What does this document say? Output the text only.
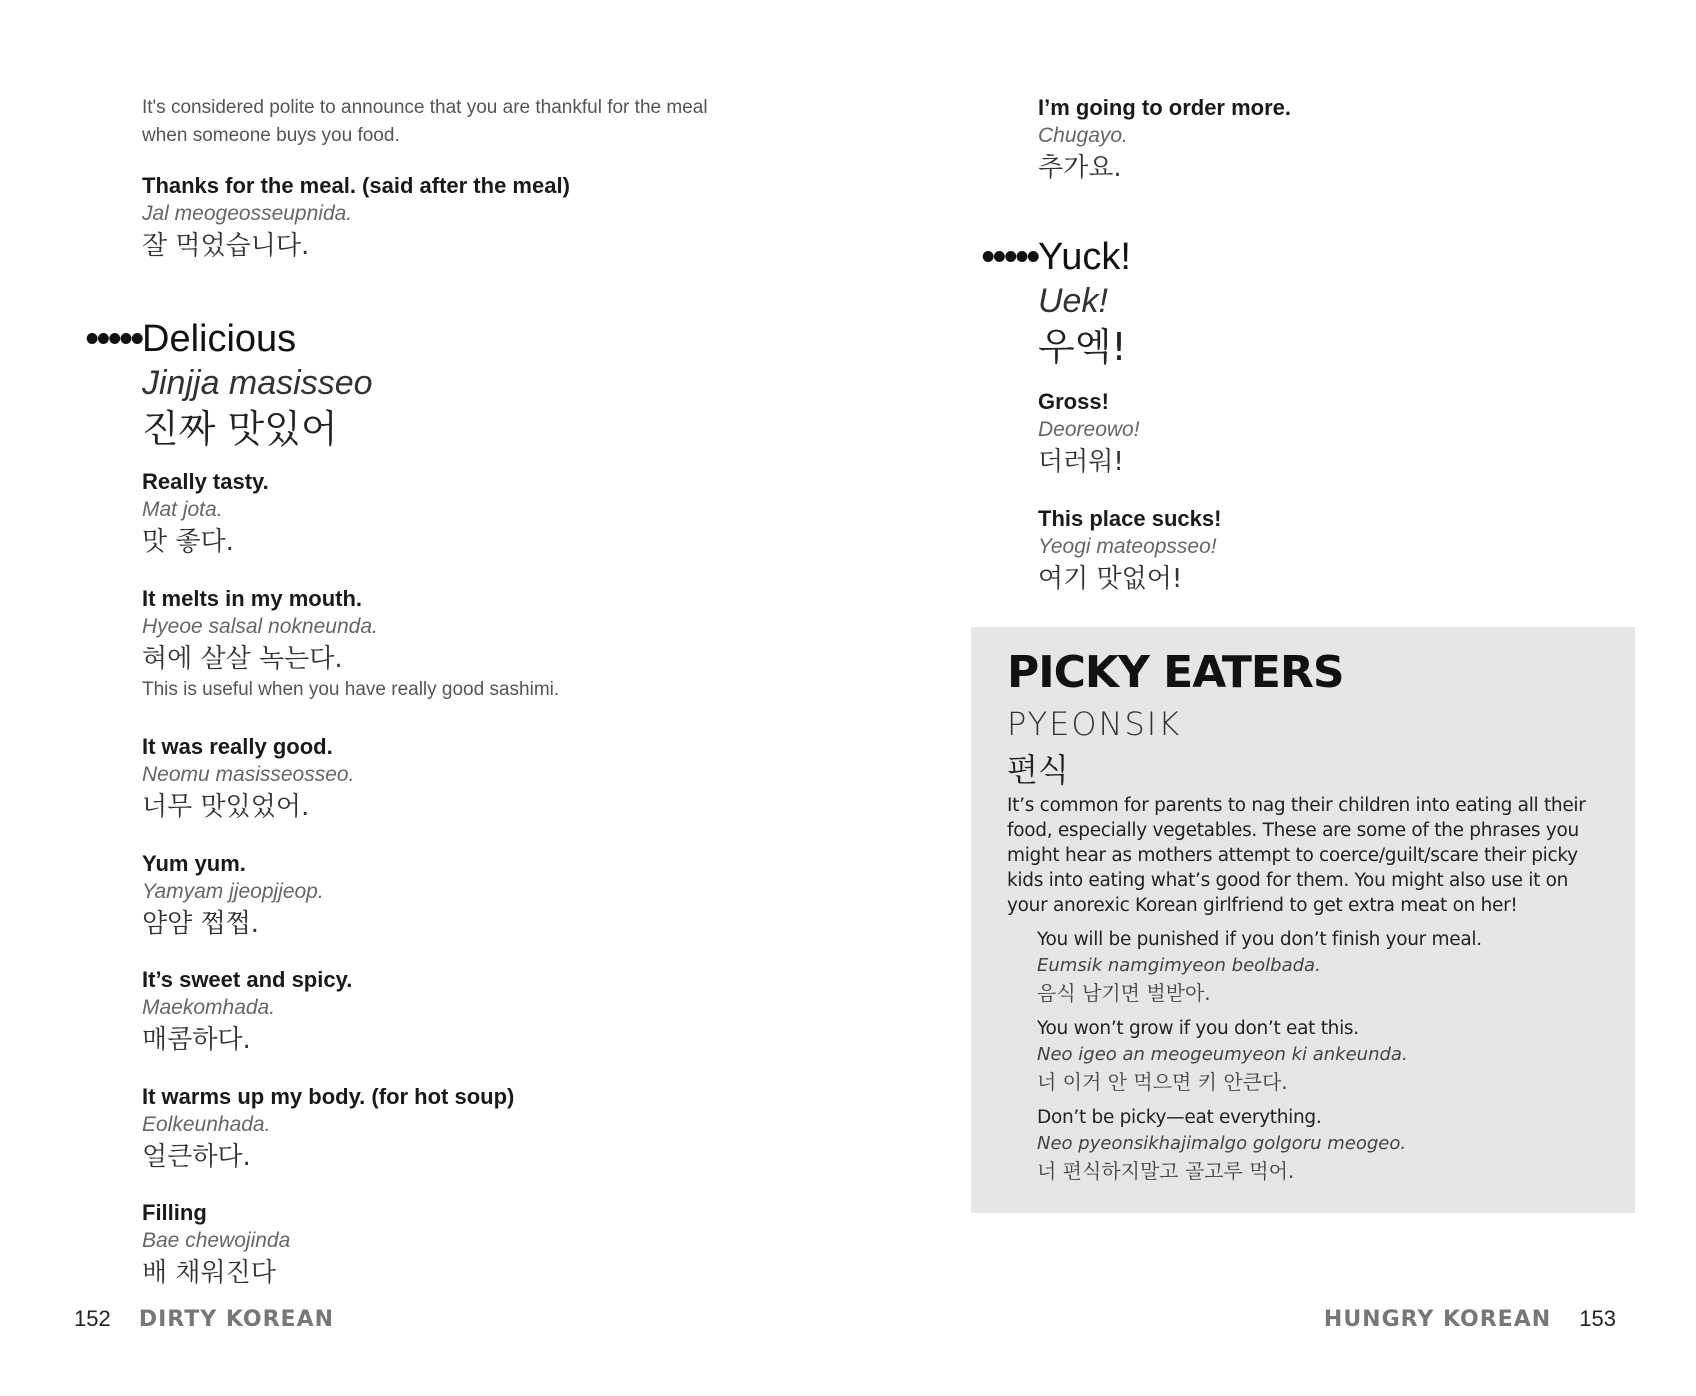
It's considered polite to announce that you are thankful for the meal when someone buys you food.
Thanks for the meal. (said after the meal)
Jal meogeosseupnida.
잘 먹었습니다.
••••• Delicious
Jinjja masisseo
진짜 맛있어
Really tasty.
Mat jota.
맛 좋다.
It melts in my mouth.
Hyeoe salsal nokneunda.
혀에 살살 녹는다.
This is useful when you have really good sashimi.
It was really good.
Neomu masisseosseo.
너무 맛있었어.
Yum yum.
Yamyam jjeopjjeop.
얌얌 쩝쩝.
It’s sweet and spicy.
Maekomhada.
매콤하다.
It warms up my body. (for hot soup)
Eolkeunhada.
얼큰하다.
Filling
Bae chewojinda
배 채워진다
152 DIRTY KOREAN
I’m going to order more.
Chugayo.
추가요.
••••• Yuck!
Uek!
우엑!
Gross!
Deoreowo!
더러워!
This place sucks!
Yeogi mateopsseo!
여기 맛없어!
PICKY EATERS
PYEONSIK
편식
It’s common for parents to nag their children into eating all their food, especially vegetables. These are some of the phrases you might hear as mothers attempt to coerce/guilt/scare their picky kids into eating what’s good for them. You might also use it on your anorexic Korean girlfriend to get extra meat on her!
You will be punished if you don’t finish your meal.
Eumsik namgimyeon beolbada.
음식 남기면 벌받아.
You won’t grow if you don’t eat this.
Neo igeo an meogeumyeon ki ankeunda.
너 이거 안 먹으면 키 안큰다.
Don’t be picky—eat everything.
Neo pyeonsikhajimalgo golgoru meogeo.
너 편식하지말고 골고루 먹어.
HUNGRY KOREAN 153
